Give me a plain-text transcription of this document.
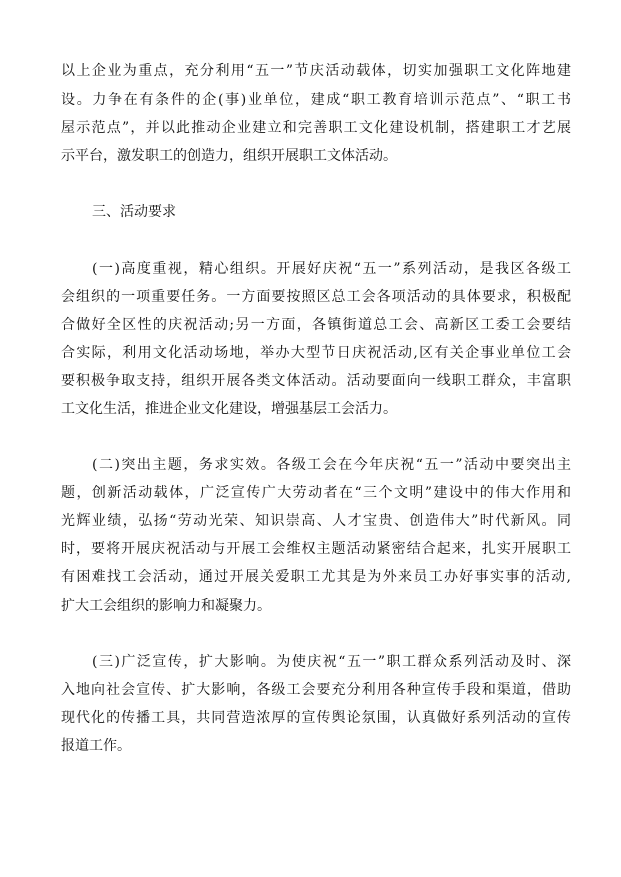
以上企业为重点，充分利用“五一”节庆活动载体，切实加强职工文化阵地建
设。力争在有条件的企(事)业单位，建成“职工教育培训示范点”、“职工书
屋示范点”，并以此推动企业建立和完善职工文化建设机制，搭建职工才艺展
示平台，激发职工的创造力，组织开展职工文体活动。
三、活动要求
(一)高度重视，精心组织。开展好庆祝“五一”系列活动，是我区各级工
会组织的一项重要任务。一方面要按照区总工会各项活动的具体要求，积极配
合做好全区性的庆祝活动;另一方面，各镇街道总工会、高新区工委工会要结
合实际，利用文化活动场地，举办大型节日庆祝活动,区有关企事业单位工会
要积极争取支持，组织开展各类文体活动。活动要面向一线职工群众，丰富职
工文化生活，推进企业文化建设，增强基层工会活力。
(二)突出主题，务求实效。各级工会在今年庆祝“五一”活动中要突出主
题，创新活动载体，广泛宣传广大劳动者在“三个文明”建设中的伟大作用和
光辉业绩，弘扬“劳动光荣、知识崇高、人才宝贵、创造伟大”时代新风。同
时，要将开展庆祝活动与开展工会维权主题活动紧密结合起来，扎实开展职工
有困难找工会活动，通过开展关爱职工尤其是为外来员工办好事实事的活动,
扩大工会组织的影响力和凝聚力。
(三)广泛宣传，扩大影响。为使庆祝“五一”职工群众系列活动及时、深
入地向社会宣传、扩大影响，各级工会要充分利用各种宣传手段和渠道，借助
现代化的传播工具，共同营造浓厚的宣传舆论氛围，认真做好系列活动的宣传
报道工作。
